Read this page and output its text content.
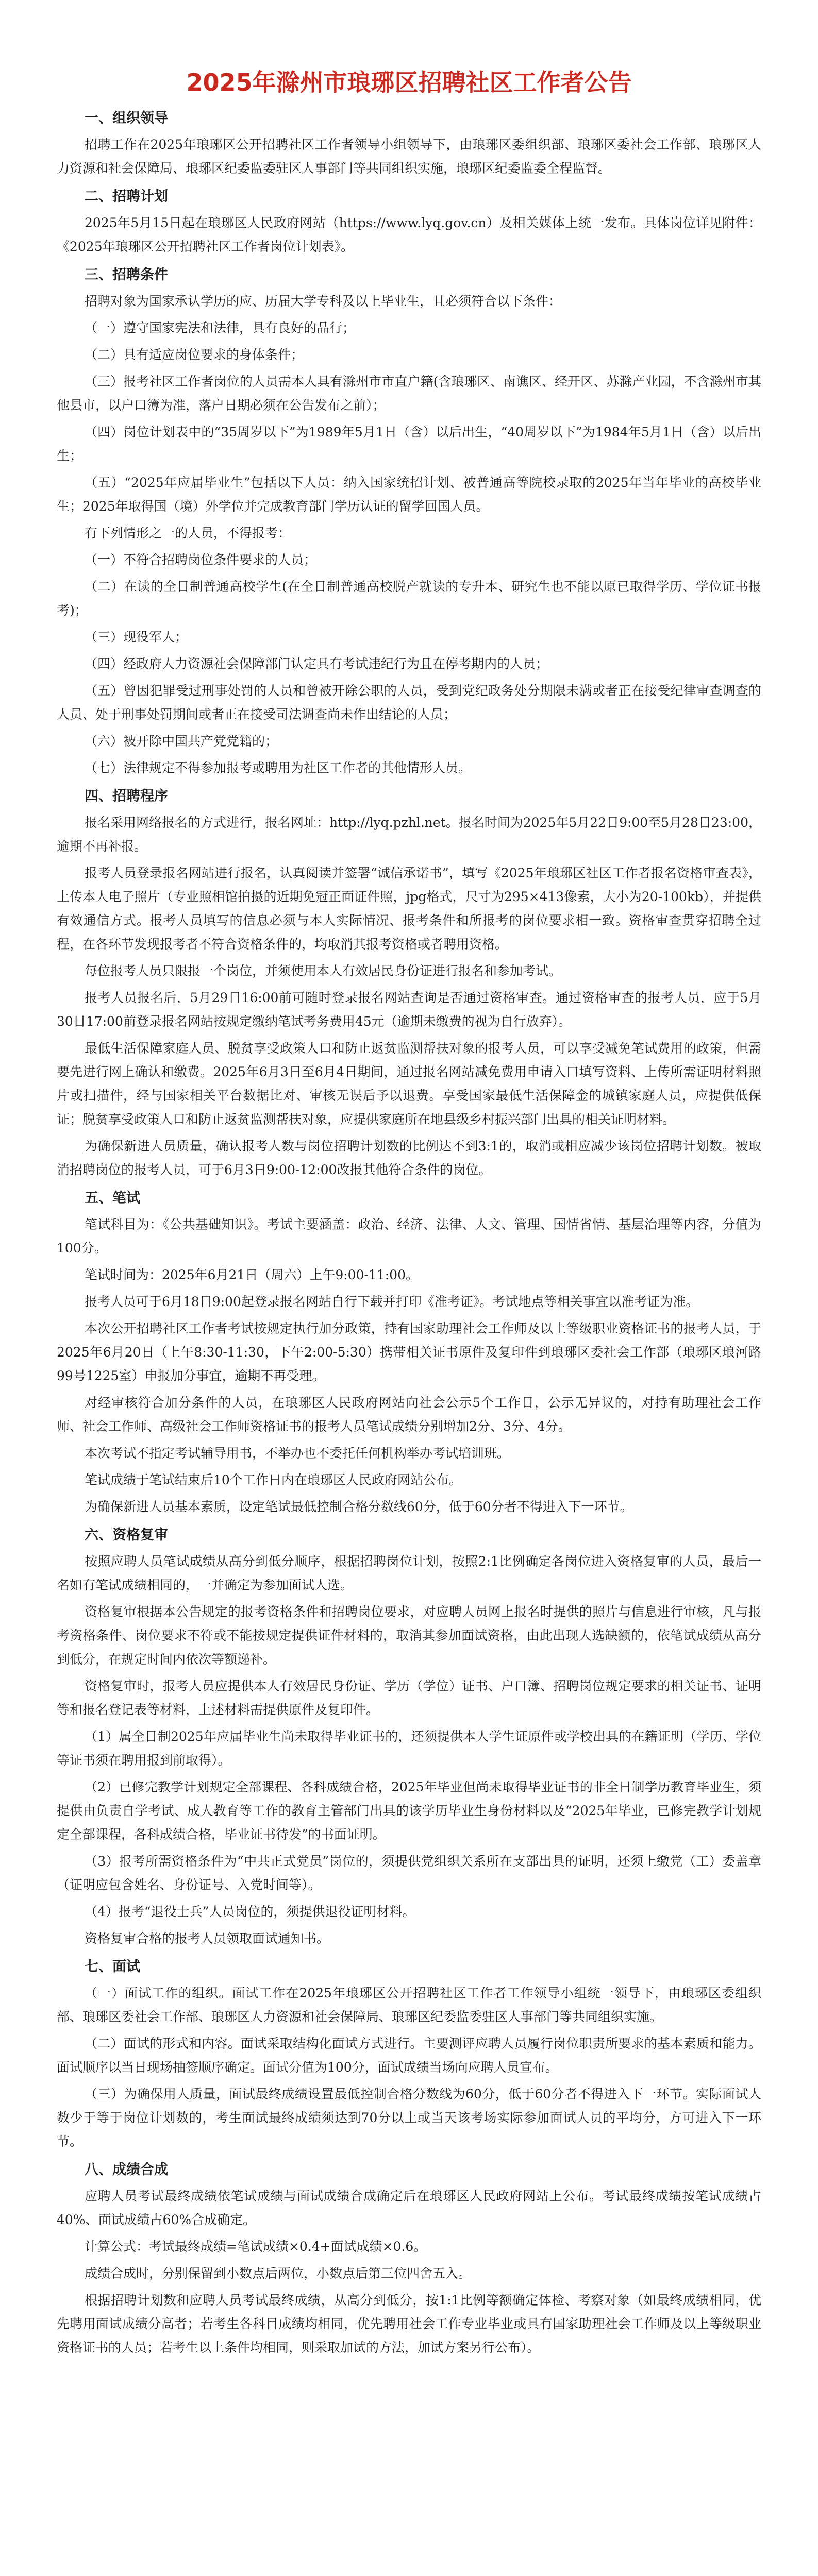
2025年滁州市琅琊区招聘社区工作者公告
一、组织领导

招聘工作在2025年琅琊区公开招聘社区工作者领导小组领导下，由琅琊区委组织部、琅琊区委社会工作部、琅琊区人力资源和社会保障局、琅琊区纪委监委驻区人事部门等共同组织实施，琅琊区纪委监委全程监督。

二、招聘计划

2025年5月15日起在琅琊区人民政府网站（https://www.lyq.gov.cn）及相关媒体上统一发布。具体岗位详见附件：《2025年琅琊区公开招聘社区工作者岗位计划表》。

三、招聘条件

招聘对象为国家承认学历的应、历届大学专科及以上毕业生，且必须符合以下条件：

（一）遵守国家宪法和法律，具有良好的品行；

（二）具有适应岗位要求的身体条件；

（三）报考社区工作者岗位的人员需本人具有滁州市市直户籍(含琅琊区、南谯区、经开区、苏滁产业园，不含滁州市其他县市，以户口簿为准，落户日期必须在公告发布之前）；

（四）岗位计划表中的“35周岁以下”为1989年5月1日（含）以后出生，“40周岁以下”为1984年5月1日（含）以后出生；

（五）“2025年应届毕业生”包括以下人员：纳入国家统招计划、被普通高等院校录取的2025年当年毕业的高校毕业生；2025年取得国（境）外学位并完成教育部门学历认证的留学回国人员。

有下列情形之一的人员，不得报考：

（一）不符合招聘岗位条件要求的人员；

（二）在读的全日制普通高校学生(在全日制普通高校脱产就读的专升本、研究生也不能以原已取得学历、学位证书报考)；

（三）现役军人；

（四）经政府人力资源社会保障部门认定具有考试违纪行为且在停考期内的人员；

（五）曾因犯罪受过刑事处罚的人员和曾被开除公职的人员，受到党纪政务处分期限未满或者正在接受纪律审查调查的人员、处于刑事处罚期间或者正在接受司法调查尚未作出结论的人员；

（六）被开除中国共产党党籍的；

（七）法律规定不得参加报考或聘用为社区工作者的其他情形人员。

四、招聘程序

报名采用网络报名的方式进行，报名网址：http://lyq.pzhl.net。报名时间为2025年5月22日9:00至5月28日23:00，逾期不再补报。

报考人员登录报名网站进行报名，认真阅读并签署“诚信承诺书”，填写《2025年琅琊区社区工作者报名资格审查表》，上传本人电子照片（专业照相馆拍摄的近期免冠正面证件照，jpg格式，尺寸为295×413像素，大小为20-100kb），并提供有效通信方式。报考人员填写的信息必须与本人实际情况、报考条件和所报考的岗位要求相一致。资格审查贯穿招聘全过程，在各环节发现报考者不符合资格条件的，均取消其报考资格或者聘用资格。

每位报考人员只限报一个岗位，并须使用本人有效居民身份证进行报名和参加考试。

报考人员报名后，5月29日16:00前可随时登录报名网站查询是否通过资格审查。通过资格审查的报考人员，应于5月30日17:00前登录报名网站按规定缴纳笔试考务费用45元（逾期未缴费的视为自行放弃）。

最低生活保障家庭人员、脱贫享受政策人口和防止返贫监测帮扶对象的报考人员，可以享受减免笔试费用的政策，但需要先进行网上确认和缴费。2025年6月3日至6月4日期间，通过报名网站减免费用申请入口填写资料、上传所需证明材料照片或扫描件，经与国家相关平台数据比对、审核无误后予以退费。享受国家最低生活保障金的城镇家庭人员，应提供低保证；脱贫享受政策人口和防止返贫监测帮扶对象，应提供家庭所在地县级乡村振兴部门出具的相关证明材料。

为确保新进人员质量，确认报考人数与岗位招聘计划数的比例达不到3:1的，取消或相应减少该岗位招聘计划数。被取消招聘岗位的报考人员，可于6月3日9:00-12:00改报其他符合条件的岗位。

五、笔试

笔试科目为：《公共基础知识》。考试主要涵盖：政治、经济、法律、人文、管理、国情省情、基层治理等内容，分值为100分。

笔试时间为：2025年6月21日（周六）上午9:00-11:00。

报考人员可于6月18日9:00起登录报名网站自行下载并打印《准考证》。考试地点等相关事宜以准考证为准。

本次公开招聘社区工作者考试按规定执行加分政策，持有国家助理社会工作师及以上等级职业资格证书的报考人员，于2025年6月20日（上午8:30-11:30，下午2:00-5:30）携带相关证书原件及复印件到琅琊区委社会工作部（琅琊区琅河路99号1225室）申报加分事宜，逾期不再受理。

对经审核符合加分条件的人员，在琅琊区人民政府网站向社会公示5个工作日，公示无异议的，对持有助理社会工作师、社会工作师、高级社会工作师资格证书的报考人员笔试成绩分别增加2分、3分、4分。

本次考试不指定考试辅导用书，不举办也不委托任何机构举办考试培训班。

笔试成绩于笔试结束后10个工作日内在琅琊区人民政府网站公布。

为确保新进人员基本素质，设定笔试最低控制合格分数线60分，低于60分者不得进入下一环节。

六、资格复审

按照应聘人员笔试成绩从高分到低分顺序，根据招聘岗位计划，按照2:1比例确定各岗位进入资格复审的人员，最后一名如有笔试成绩相同的，一并确定为参加面试人选。

资格复审根据本公告规定的报考资格条件和招聘岗位要求，对应聘人员网上报名时提供的照片与信息进行审核，凡与报考资格条件、岗位要求不符或不能按规定提供证件材料的，取消其参加面试资格，由此出现人选缺额的，依笔试成绩从高分到低分，在规定时间内依次等额递补。

资格复审时，报考人员应提供本人有效居民身份证、学历（学位）证书、户口簿、招聘岗位规定要求的相关证书、证明等和报名登记表等材料，上述材料需提供原件及复印件。

（1）属全日制2025年应届毕业生尚未取得毕业证书的，还须提供本人学生证原件或学校出具的在籍证明（学历、学位等证书须在聘用报到前取得）。

（2）已修完教学计划规定全部课程、各科成绩合格，2025年毕业但尚未取得毕业证书的非全日制学历教育毕业生，须提供由负责自学考试、成人教育等工作的教育主管部门出具的该学历毕业生身份材料以及“2025年毕业，已修完教学计划规定全部课程，各科成绩合格，毕业证书待发”的书面证明。

（3）报考所需资格条件为“中共正式党员”岗位的，须提供党组织关系所在支部出具的证明，还须上缴党（工）委盖章（证明应包含姓名、身份证号、入党时间等）。

（4）报考“退役士兵”人员岗位的，须提供退役证明材料。

资格复审合格的报考人员领取面试通知书。

七、面试

（一）面试工作的组织。面试工作在2025年琅琊区公开招聘社区工作者工作领导小组统一领导下，由琅琊区委组织部、琅琊区委社会工作部、琅琊区人力资源和社会保障局、琅琊区纪委监委驻区人事部门等共同组织实施。

（二）面试的形式和内容。面试采取结构化面试方式进行。主要测评应聘人员履行岗位职责所要求的基本素质和能力。面试顺序以当日现场抽签顺序确定。面试分值为100分，面试成绩当场向应聘人员宣布。

（三）为确保用人质量，面试最终成绩设置最低控制合格分数线为60分，低于60分者不得进入下一环节。实际面试人数少于等于岗位计划数的，考生面试最终成绩须达到70分以上或当天该考场实际参加面试人员的平均分，方可进入下一环节。

八、成绩合成

应聘人员考试最终成绩依笔试成绩与面试成绩合成确定后在琅琊区人民政府网站上公布。考试最终成绩按笔试成绩占40%、面试成绩占60%合成确定。

计算公式：考试最终成绩=笔试成绩×0.4+面试成绩×0.6。

成绩合成时，分别保留到小数点后两位，小数点后第三位四舍五入。

根据招聘计划数和应聘人员考试最终成绩，从高分到低分，按1:1比例等额确定体检、考察对象（如最终成绩相同，优先聘用面试成绩分高者；若考生各科目成绩均相同，优先聘用社会工作专业毕业或具有国家助理社会工作师及以上等级职业资格证书的人员；若考生以上条件均相同，则采取加试的方法，加试方案另行公布）。
